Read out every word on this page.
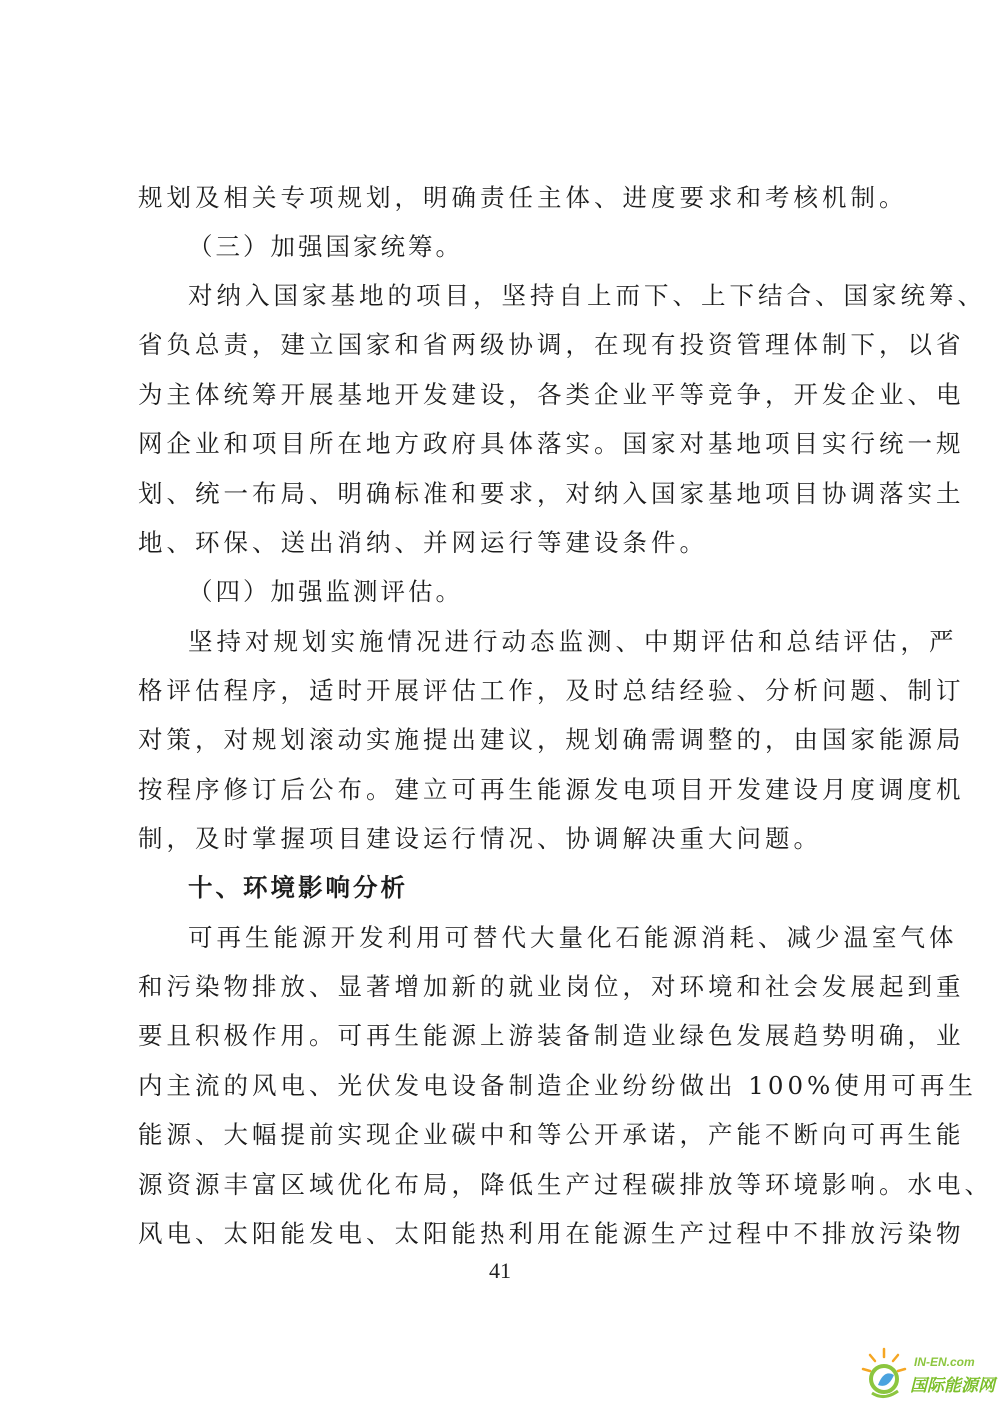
规划及相关专项规划，明确责任主体、进度要求和考核机制。
（三）加强国家统筹。
对纳入国家基地的项目，坚持自上而下、上下结合、国家统筹、
省负总责，建立国家和省两级协调，在现有投资管理体制下，以省
为主体统筹开展基地开发建设，各类企业平等竞争，开发企业、电
网企业和项目所在地方政府具体落实。国家对基地项目实行统一规
划、统一布局、明确标准和要求，对纳入国家基地项目协调落实土
地、环保、送出消纳、并网运行等建设条件。
（四）加强监测评估。
坚持对规划实施情况进行动态监测、中期评估和总结评估，严
格评估程序，适时开展评估工作，及时总结经验、分析问题、制订
对策，对规划滚动实施提出建议，规划确需调整的，由国家能源局
按程序修订后公布。建立可再生能源发电项目开发建设月度调度机
制，及时掌握项目建设运行情况、协调解决重大问题。
十、环境影响分析
可再生能源开发利用可替代大量化石能源消耗、减少温室气体
和污染物排放、显著增加新的就业岗位，对环境和社会发展起到重
要且积极作用。可再生能源上游装备制造业绿色发展趋势明确，业
内主流的风电、光伏发电设备制造企业纷纷做出 100%使用可再生
能源、大幅提前实现企业碳中和等公开承诺，产能不断向可再生能
源资源丰富区域优化布局，降低生产过程碳排放等环境影响。水电、
风电、太阳能发电、太阳能热利用在能源生产过程中不排放污染物
41
IN-EN.com
国际能源网
